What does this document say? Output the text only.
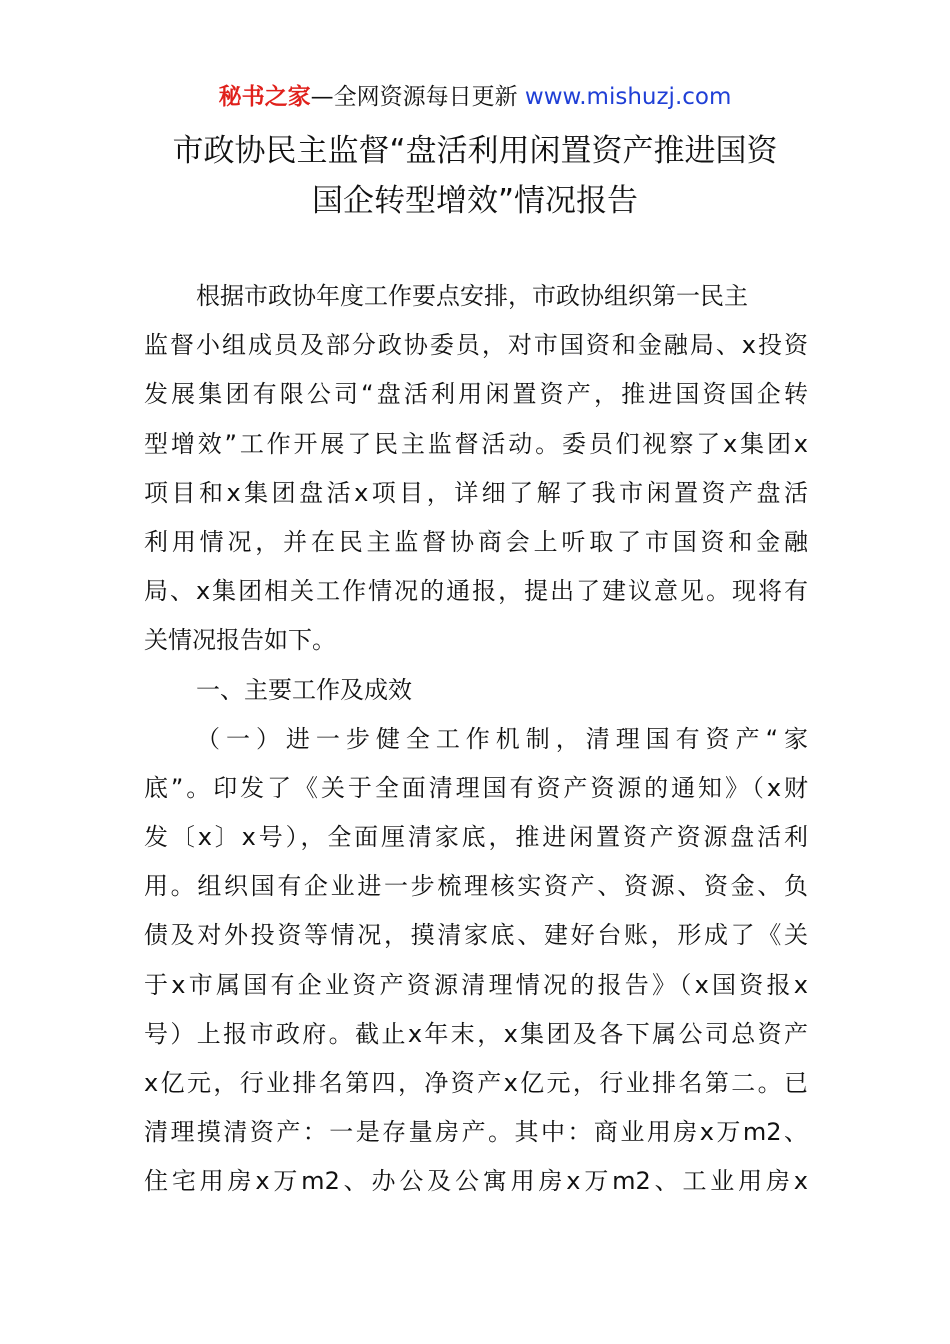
秘书之家—全网资源每日更新 www.mishuzj.com
市政协民主监督“盘活利用闲置资产推进国资
国企转型增效”情况报告
根据市政协年度工作要点安排，市政协组织第一民主
监督小组成员及部分政协委员，对市国资和金融局、x投资
发展集团有限公司“盘活利用闲置资产，推进国资国企转
型增效”工作开展了民主监督活动。委员们视察了x集团x
项目和x集团盘活x项目，详细了解了我市闲置资产盘活
利用情况，并在民主监督协商会上听取了市国资和金融
局、x集团相关工作情况的通报，提出了建议意见。现将有
关情况报告如下。
一、主要工作及成效
（一）进一步健全工作机制，清理国有资产“家
底”。印发了《关于全面清理国有资产资源的通知》（x财
发〔x〕x号），全面厘清家底，推进闲置资产资源盘活利
用。组织国有企业进一步梳理核实资产、资源、资金、负
债及对外投资等情况，摸清家底、建好台账，形成了《关
于x市属国有企业资产资源清理情况的报告》（x国资报x
号）上报市政府。截止x年末，x集团及各下属公司总资产
x亿元，行业排名第四，净资产x亿元，行业排名第二。已
清理摸清资产：一是存量房产。其中：商业用房x万m2、
住宅用房x万m2、办公及公寓用房x万m2、工业用房x
